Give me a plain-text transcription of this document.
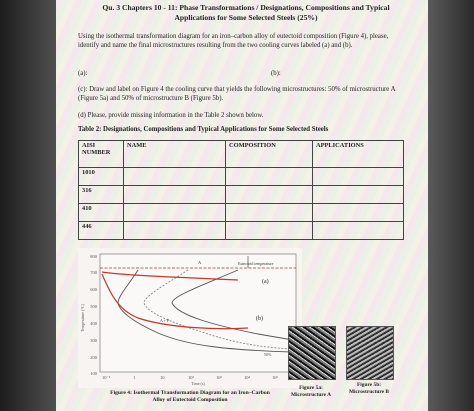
Qu. 3 Chapters 10 - 11: Phase Transformations / Designations, Compositions and Typical
Applications for Some Selected Steels (25%)
Using the isothermal transformation diagram for an iron–carbon alloy of eutectoid composition (Figure 4), please, identify and name the final microstructures resulting from the two cooling curves labeled (a) and (b).
(a):	(b):
(c): Draw and label on Figure 4 the cooling curve that yields the following microstructures: 50% of microstructure A (Figure 5a) and 50% of microstructure B (Figure 5b).
(d) Please, provide missing information in the Table 2 shown below.
Table 2: Designations, Compositions and Typical Applications for Some Selected Steels
AISI NUMBER	NAME	COMPOSITION	APPLICATIONS
1010			
316			
410			
446			
800
700
600
500
400
300
200
100
Temperature (°C)
10⁻¹	1	10	10²	10³	10⁴	10⁵
Time (s)
Eutectoid temperature
A
A + P
50%
(a)
(b)
Figure 4: Isothermal Transformation Diagram for an Iron–Carbon Alloy of Eutectoid Composition
Figure 5a:
Microstructure A
Figure 5b:
Microstructure B
